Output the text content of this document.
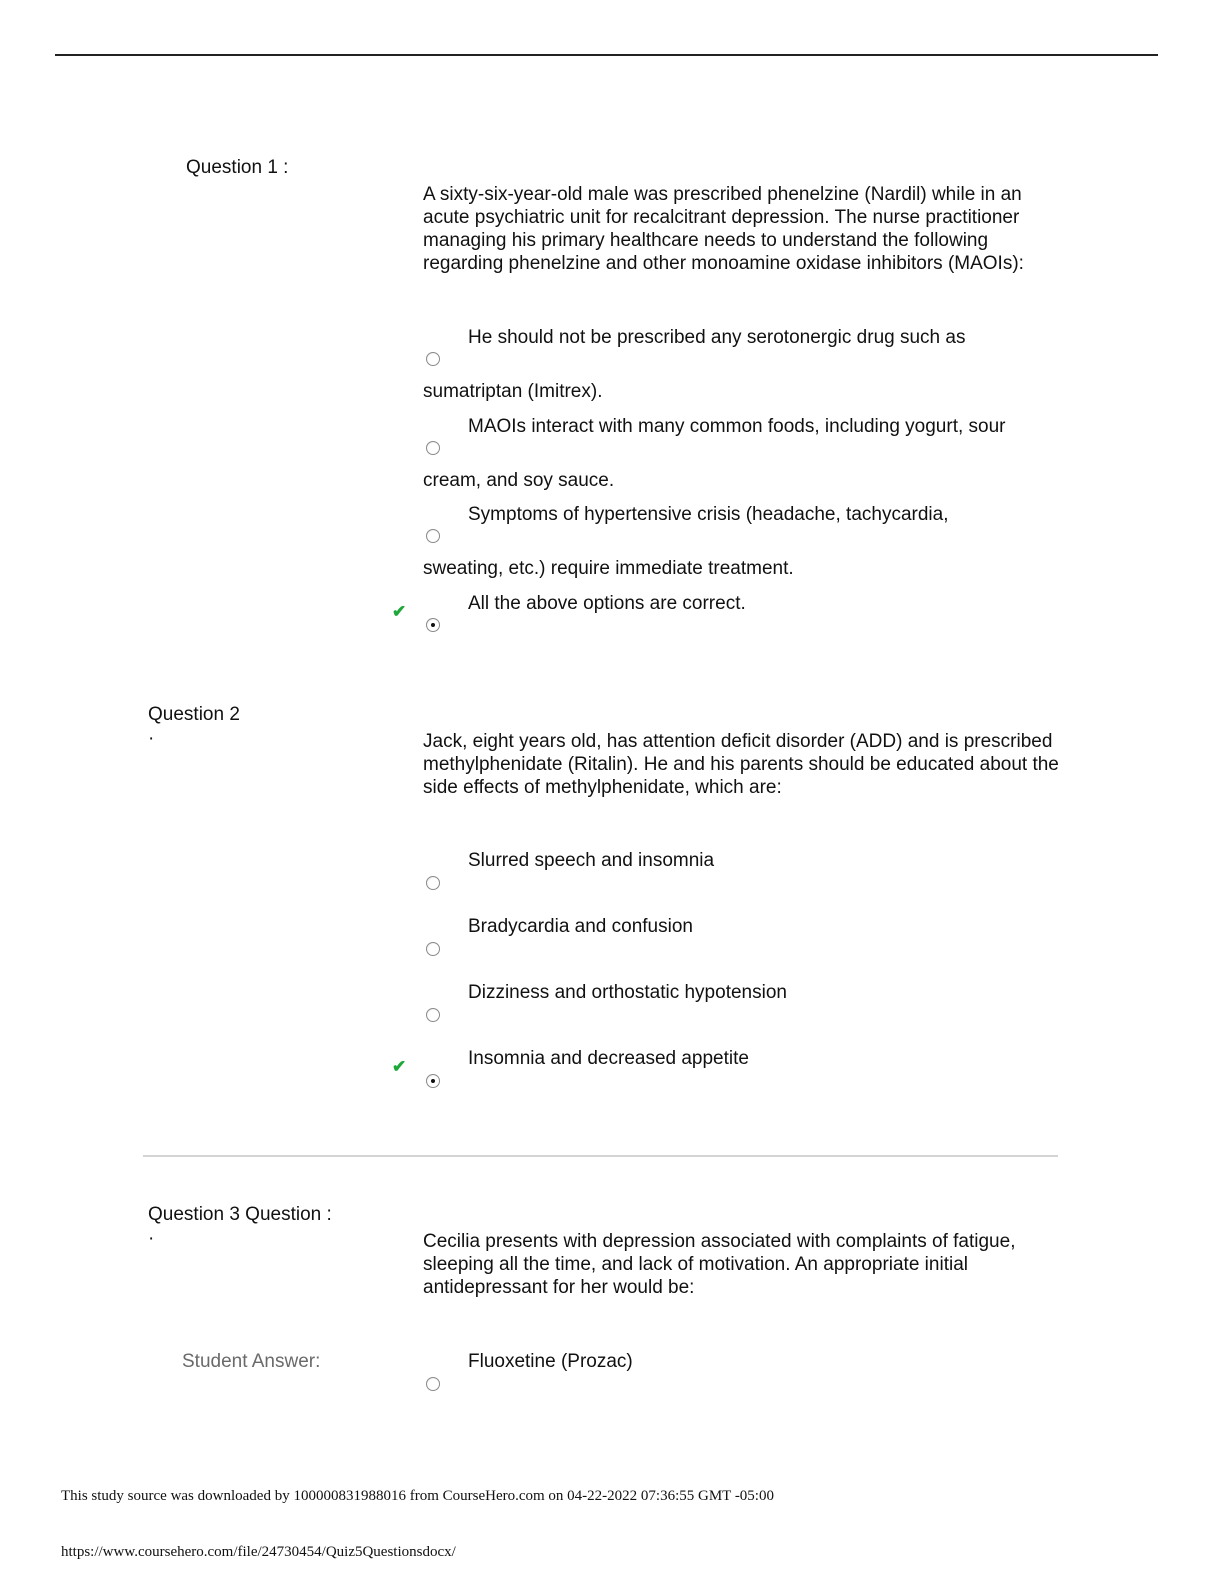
Question 1 :
A sixty-six-year-old male was prescribed phenelzine (Nardil) while in an acute psychiatric unit for recalcitrant depression. The nurse practitioner managing his primary healthcare needs to understand the following regarding phenelzine and other monoamine oxidase inhibitors (MAOIs):
He should not be prescribed any serotonergic drug such as
sumatriptan (Imitrex).
MAOIs interact with many common foods, including yogurt, sour
cream, and soy sauce.
Symptoms of hypertensive crisis (headache, tachycardia,
sweating, etc.) require immediate treatment.
✔	All the above options are correct.
Question 2
·	Jack, eight years old, has attention deficit disorder (ADD) and is prescribed methylphenidate (Ritalin). He and his parents should be educated about the side effects of methylphenidate, which are:
Slurred speech and insomnia
Bradycardia and confusion
Dizziness and orthostatic hypotension
✔	Insomnia and decreased appetite
Question 3 Question :
·	Cecilia presents with depression associated with complaints of fatigue, sleeping all the time, and lack of motivation. An appropriate initial antidepressant for her would be:
Student Answer:	Fluoxetine (Prozac)
This study source was downloaded by 100000831988016 from CourseHero.com on 04-22-2022 07:36:55 GMT -05:00
https://www.coursehero.com/file/24730454/Quiz5Questionsdocx/
